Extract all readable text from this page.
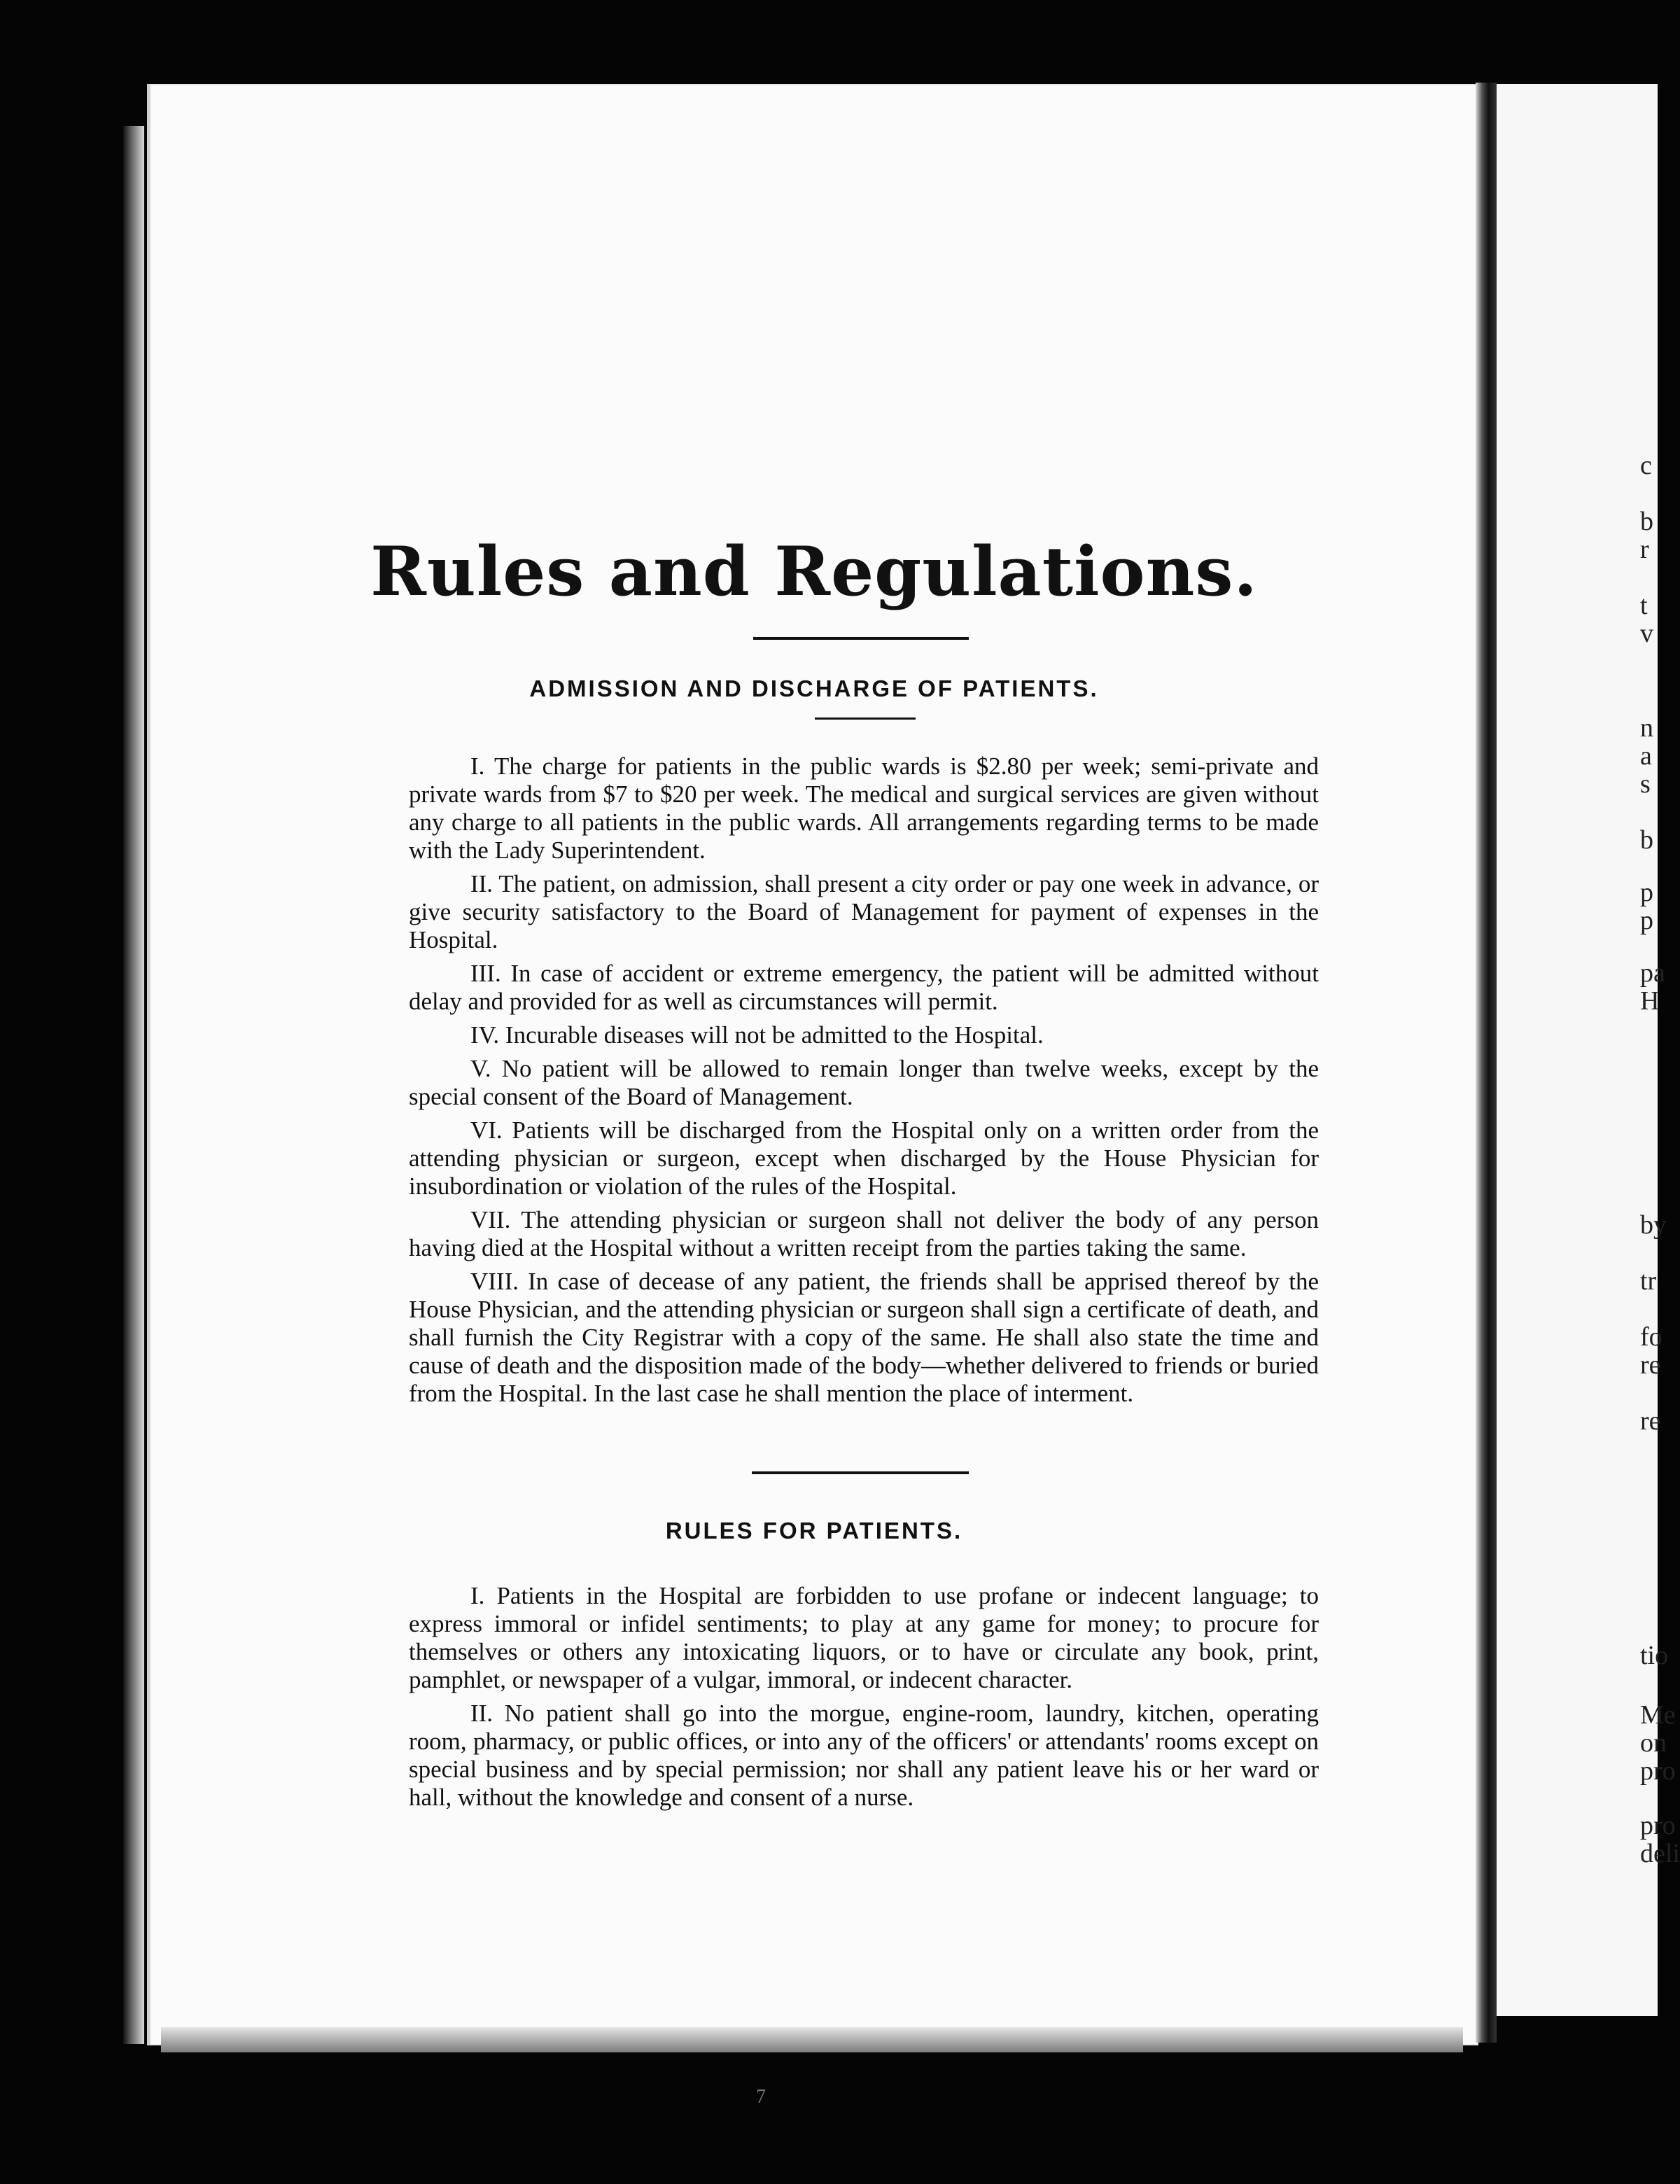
Rules and Regulations.
ADMISSION AND DISCHARGE OF PATIENTS.

I. The charge for patients in the public wards is $2.80 per week; semi-private and private wards from $7 to $20 per week. The medical and surgical services are given without any charge to all patients in the public wards. All arrangements regarding terms to be made with the Lady Superintendent.

II. The patient, on admission, shall present a city order or pay one week in advance, or give security satisfactory to the Board of Management for payment of expenses in the Hospital.

III. In case of accident or extreme emergency, the patient will be admitted without delay and provided for as well as circumstances will permit.

IV. Incurable diseases will not be admitted to the Hospital.

V. No patient will be allowed to remain longer than twelve weeks, except by the special consent of the Board of Management.

VI. Patients will be discharged from the Hospital only on a written order from the attending physician or surgeon, except when discharged by the House Physician for insubordination or violation of the rules of the Hospital.

VII. The attending physician or surgeon shall not deliver the body of any person having died at the Hospital without a written receipt from the parties taking the same.

VIII. In case of decease of any patient, the friends shall be apprised thereof by the House Physician, and the attending physician or surgeon shall sign a certificate of death, and shall furnish the City Registrar with a copy of the same. He shall also state the time and cause of death and the disposition made of the body—whether delivered to friends or buried from the Hospital. In the last case he shall mention the place of interment.

RULES FOR PATIENTS.

I. Patients in the Hospital are forbidden to use profane or indecent language; to express immoral or infidel sentiments; to play at any game for money; to procure for themselves or others any intoxicating liquors, or to have or circulate any book, print, pamphlet, or newspaper of a vulgar, immoral, or indecent character.

II. No patient shall go into the morgue, engine-room, laundry, kitchen, operating room, pharmacy, or public offices, or into any of the officers' or attendants' rooms except on special business and by special permission; nor shall any patient leave his or her ward or hall, without the knowledge and consent of a nurse.

c
b
r
t
v
n
a
s
b
p
p
pa
H
by
tr
fo
re
re
tio
Me
on
pro
pro
deli
7
